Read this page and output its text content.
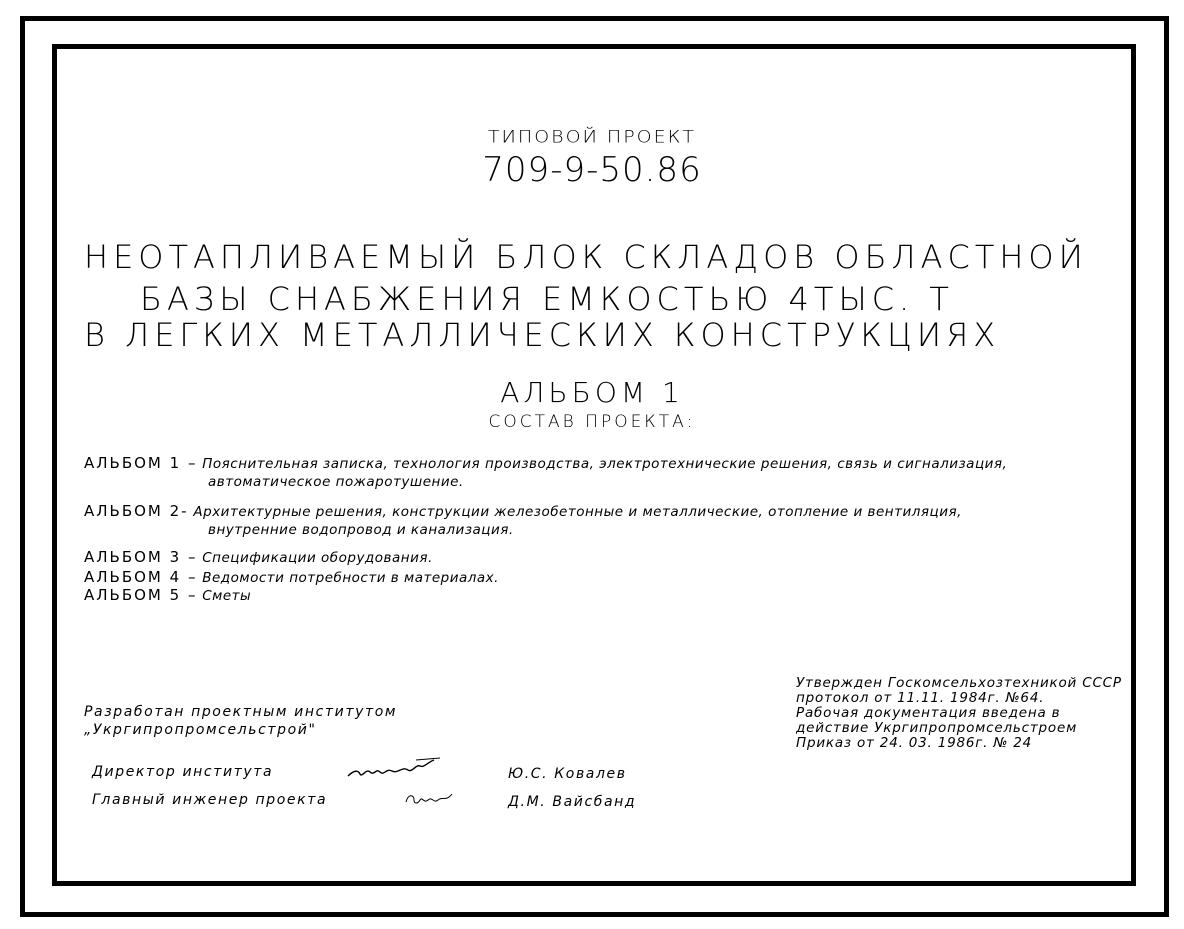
ТИПОВОЙ ПРОЕКТ
709-9-50.86
НЕОТАПЛИВАЕМЫЙ БЛОК СКЛАДОВ ОБЛАСТНОЙ
БАЗЫ СНАБЖЕНИЯ ЕМКОСТЬЮ 4ТЫС. Т
В ЛЕГКИХ МЕТАЛЛИЧЕСКИХ КОНСТРУКЦИЯХ
АЛЬБОМ 1
СОСТАВ ПРОЕКТА:
АЛЬБОМ 1 – Пояснительная записка, технология производства, электротехнические решения, связь и сигнализация,
автоматическое пожаротушение.
АЛЬБОМ 2- Архитектурные решения, конструкции железобетонные и металлические, отопление и вентиляция,
внутренние водопровод и канализация.
АЛЬБОМ 3 – Спецификации оборудования.
АЛЬБОМ 4 – Ведомости потребности в материалах.
АЛЬБОМ 5 – Сметы
Разработан проектным институтом
„Укргипропромсельстрой"
Директор института	Ю.С. Ковалев
Главный инженер проекта	Д.М. Вайсбанд
Утвержден Госкомсельхозтехникой СССР
протокол от 11.11. 1984г. №64.
Рабочая документация введена в
действие Укргипропромсельстроем
Приказ от 24. 03. 1986г. № 24
